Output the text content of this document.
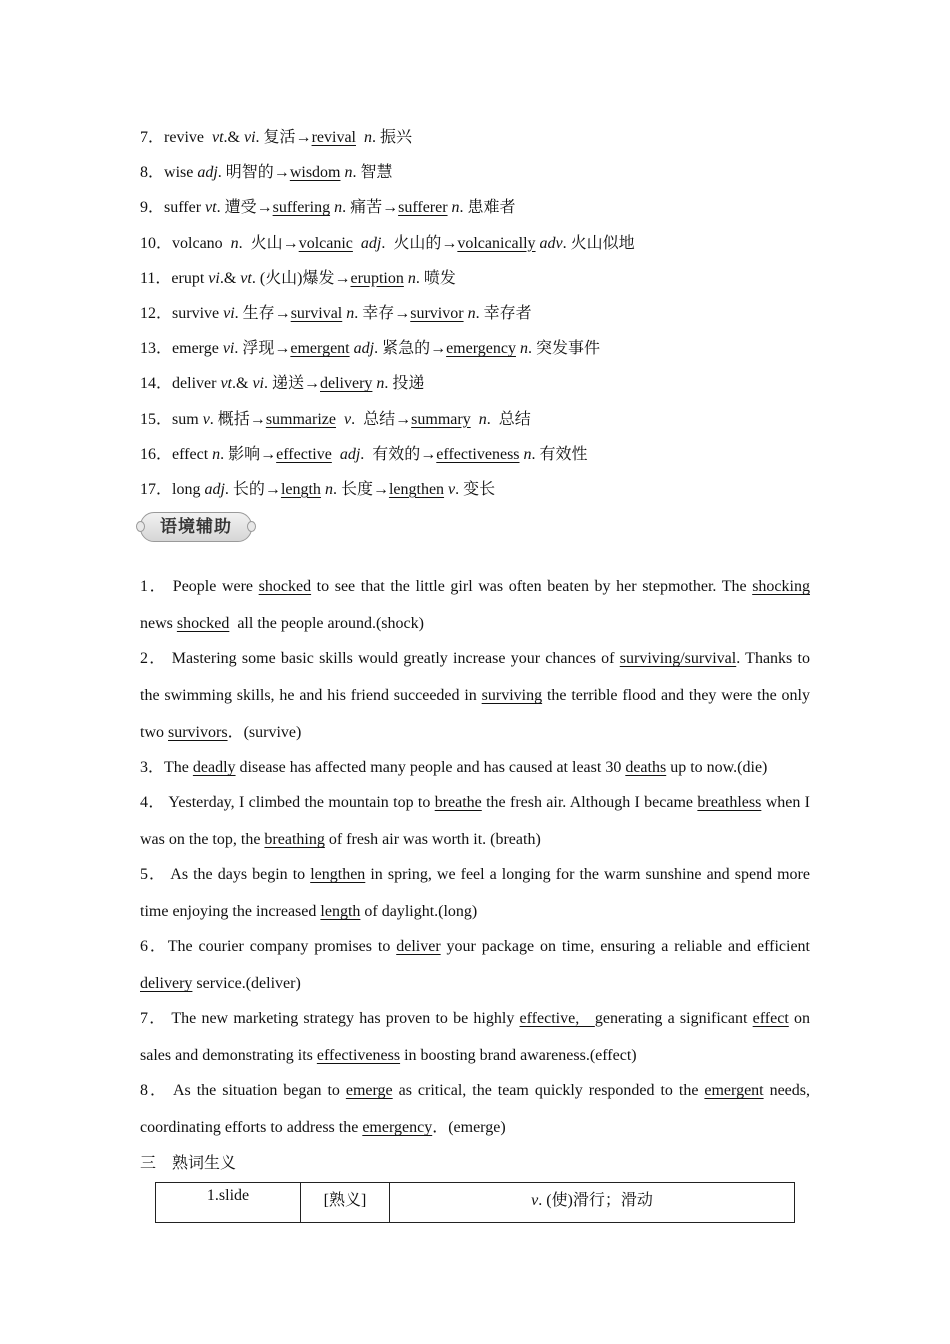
7．revive  vt.& vi. 复活→revival n. 振兴
8．wise adj. 明智的→wisdom n. 智慧
9．suffer vt. 遭受→suffering n. 痛苦→sufferer n. 患难者
10．volcano  n.  火山→volcanic adj.  火山的→volcanically adv. 火山似地
11．erupt vi.& vt. (火山)爆发→eruption n. 喷发
12．survive vi. 生存→survival n. 幸存→survivor n. 幸存者
13．emerge vi. 浮现→emergent adj. 紧急的→emergency n. 突发事件
14．deliver vt.& vi. 递送→delivery n. 投递
15．sum v. 概括→summarize v.  总结→summary n.  总结
16．effect n. 影响→effective adj.  有效的→effectiveness n. 有效性
17．long adj. 长的→length n. 长度→lengthen v. 变长
语境辅助
1． People were shocked to see that the little girl was often beaten by her stepmother. The shocking news shocked  all the people around.(shock)
2． Mastering some basic skills would greatly increase your chances of surviving/survival. Thanks to the swimming skills, he and his friend succeeded in surviving the terrible flood and they were the only two survivors．(survive)
3．The deadly disease has affected many people and has caused at least 30 deaths up to now.(die)
4． Yesterday, I climbed the mountain top to breathe the fresh air. Although I became breathless when I was on the top, the breathing of fresh air was worth it. (breath)
5． As the days begin to lengthen in spring, we feel a longing for the warm sunshine and spend more time enjoying the increased length of daylight.(long)
6．The courier company promises to deliver your package on time, ensuring a reliable and efficient delivery service.(deliver)
7． The new marketing strategy has proven to be highly effective,   generating a significant effect on sales and demonstrating its effectiveness in boosting brand awareness.(effect)
8． As the situation began to emerge as critical, the team quickly responded to the emergent needs, coordinating efforts to address the emergency．(emerge)
三　熟词生义
1.slide	[熟义]	v. (使)滑行；滑动
